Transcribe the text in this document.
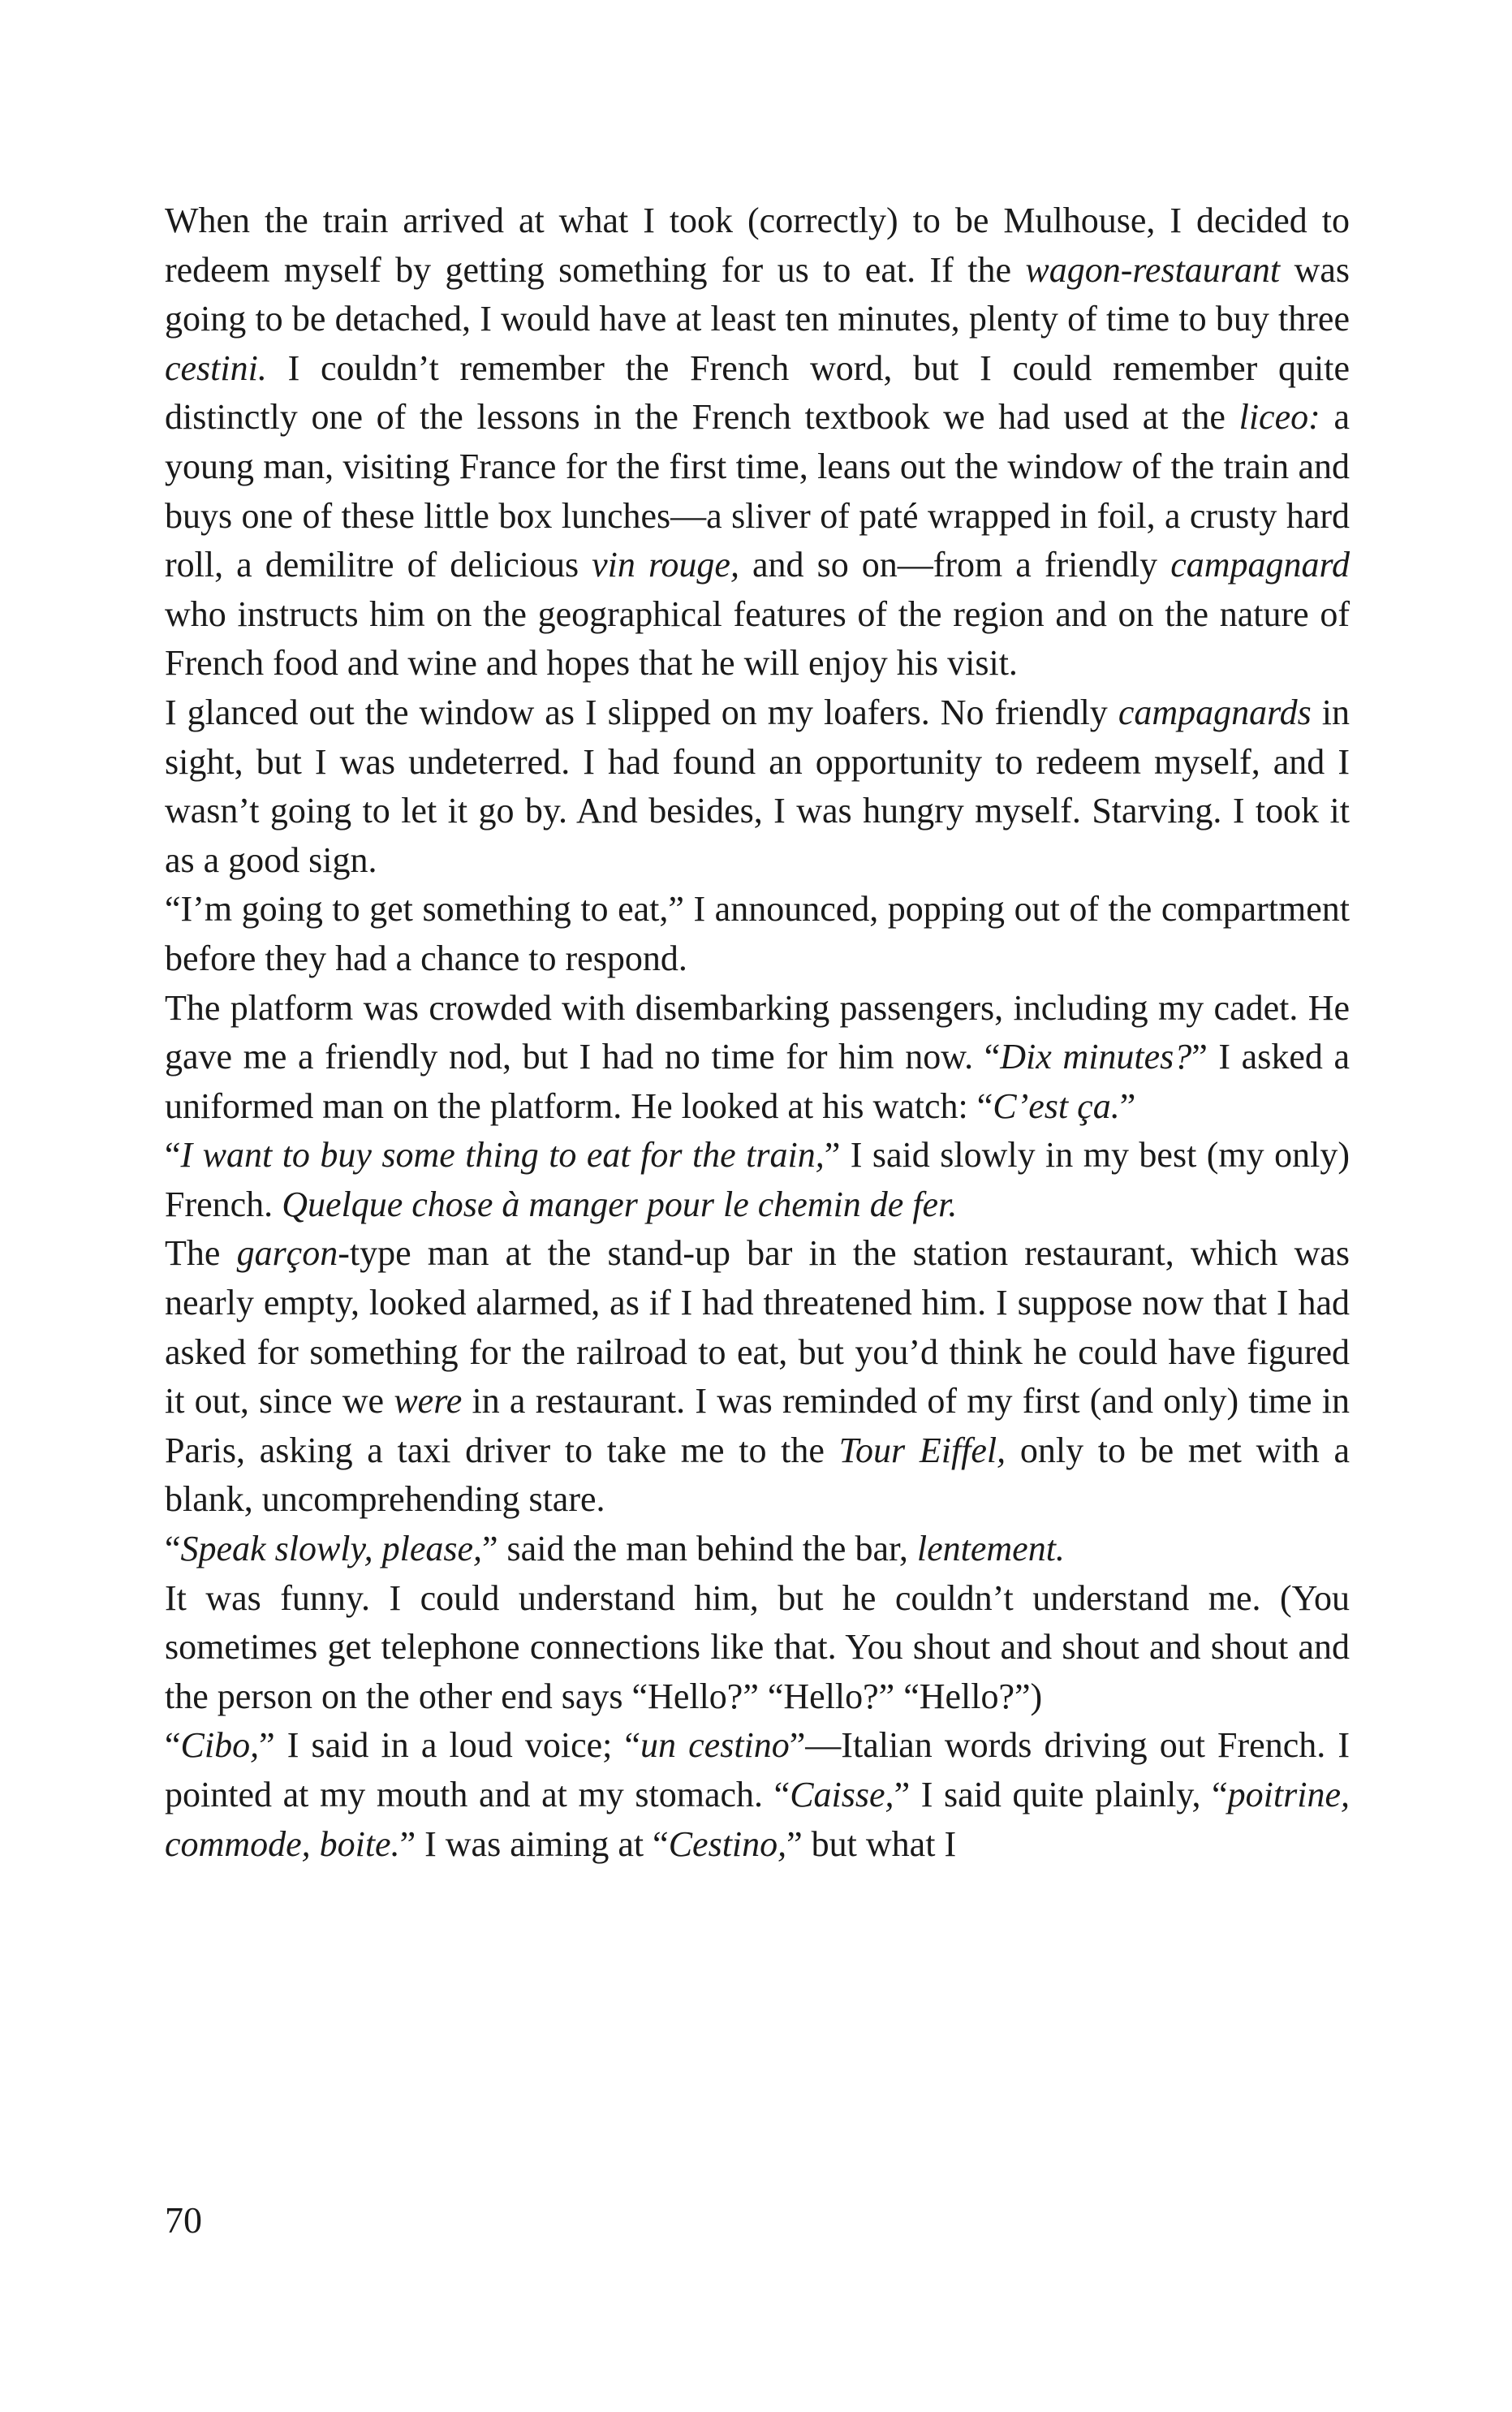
When the train arrived at what I took (correctly) to be Mulhouse, I decided to redeem myself by getting something for us to eat. If the wagon-restaurant was going to be detached, I would have at least ten minutes, plenty of time to buy three cestini. I couldn’t remember the French word, but I could remember quite distinctly one of the lessons in the French textbook we had used at the liceo: a young man, visiting France for the first time, leans out the window of the train and buys one of these little box lunches—a sliver of paté wrapped in foil, a crusty hard roll, a demilitre of delicious vin rouge, and so on—from a friendly campagnard who instructs him on the geographical features of the region and on the nature of French food and wine and hopes that he will enjoy his visit.

I glanced out the window as I slipped on my loafers. No friendly campagnards in sight, but I was undeterred. I had found an opportunity to redeem myself, and I wasn’t going to let it go by. And besides, I was hungry myself. Starving. I took it as a good sign.

“I’m going to get something to eat,” I announced, popping out of the compartment before they had a chance to respond.

The platform was crowded with disembarking passengers, including my cadet. He gave me a friendly nod, but I had no time for him now. “Dix minutes?” I asked a uniformed man on the platform. He looked at his watch: “C’est ça.”

“I want to buy some thing to eat for the train,” I said slowly in my best (my only) French. Quelque chose à manger pour le chemin de fer.

The garçon-type man at the stand-up bar in the station restaurant, which was nearly empty, looked alarmed, as if I had threatened him. I suppose now that I had asked for something for the railroad to eat, but you’d think he could have figured it out, since we were in a restaurant. I was reminded of my first (and only) time in Paris, asking a taxi driver to take me to the Tour Eiffel, only to be met with a blank, uncomprehending stare.

“Speak slowly, please,” said the man behind the bar, lentement.

It was funny. I could understand him, but he couldn’t understand me. (You sometimes get telephone connections like that. You shout and shout and shout and the person on the other end says “Hello?” “Hello?” “Hello?”)

“Cibo,” I said in a loud voice; “un cestino”—Italian words driving out French. I pointed at my mouth and at my stomach. “Caisse,” I said quite plainly, “poitrine, commode, boite.” I was aiming at “Cestino,” but what I

70
